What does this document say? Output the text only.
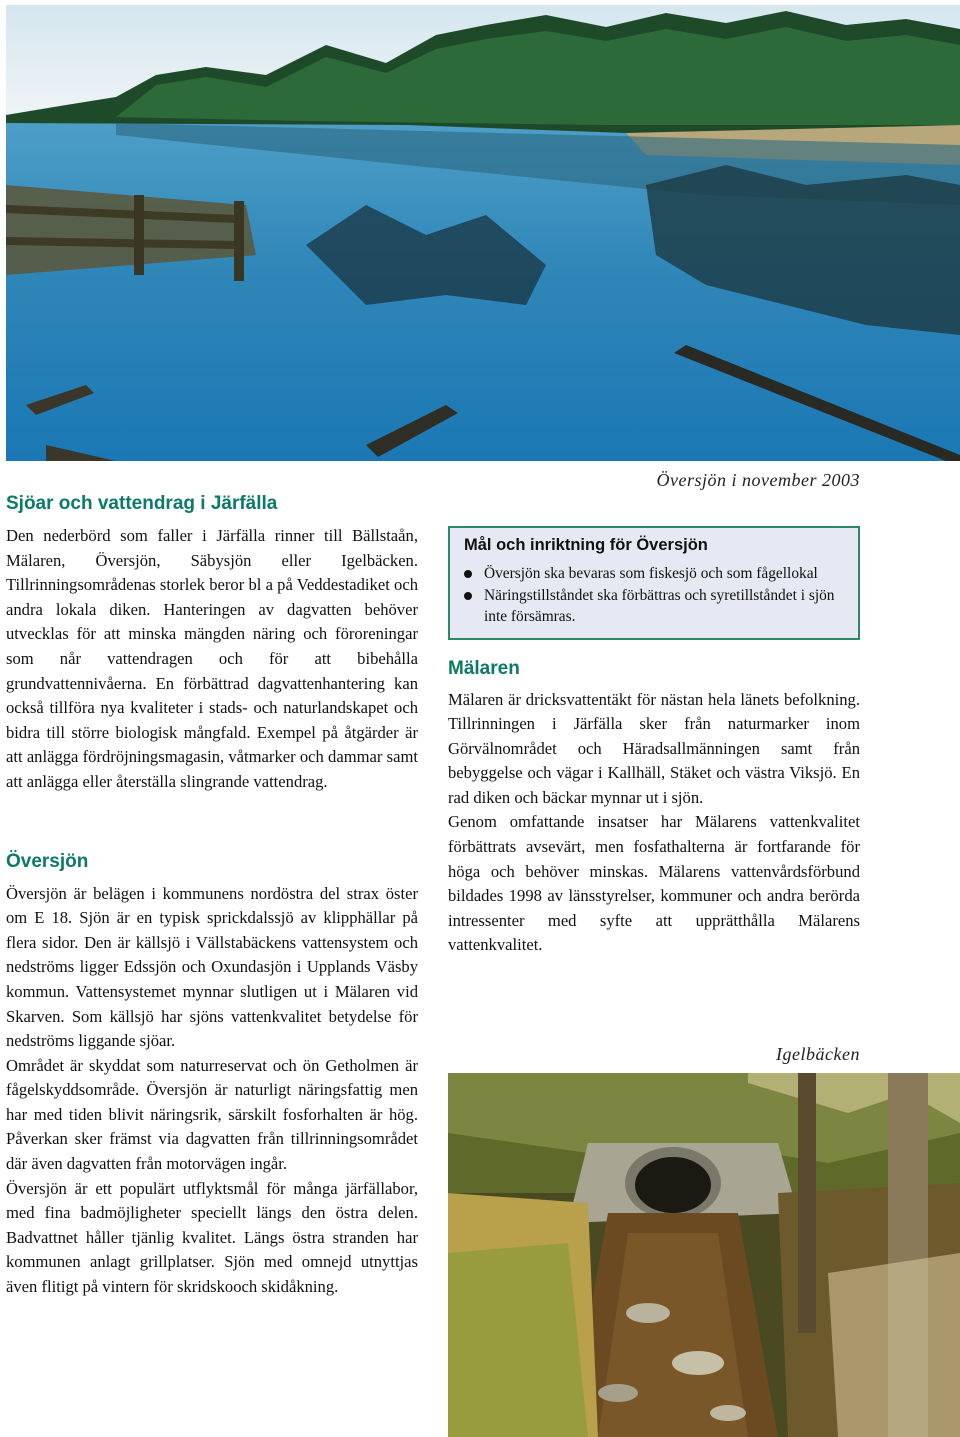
Översjön i november 2003
Sjöar och vattendrag i Järfälla

Den nederbörd som faller i Järfälla rinner till Bällstaån, Mälaren, Översjön, Säbysjön eller Igelbäcken. Tillrinningsområdenas storlek beror bl a på Veddestadiket och andra lokala diken. Hanteringen av dagvatten behöver utvecklas för att minska mängden näring och föroreningar som når vattendragen och för att bibehålla grundvattennivåerna. En förbättrad dagvattenhantering kan också tillföra nya kvaliteter i stads- och naturlandskapet och bidra till större biologisk mångfald. Exempel på åtgärder är att anlägga fördröjningsmagasin, våtmarker och dammar samt att anlägga eller återställa slingrande vattendrag.

Översjön

Översjön är belägen i kommunens nordöstra del strax öster om E 18. Sjön är en typisk sprickdalssjö av klipphällar på flera sidor. Den är källsjö i Vällstabäckens vattensystem och nedströms ligger Edssjön och Oxundasjön i Upplands Väsby kommun. Vattensystemet mynnar slutligen ut i Mälaren vid Skarven. Som källsjö har sjöns vattenkvalitet betydelse för nedströms liggande sjöar.

Området är skyddat som naturreservat och ön Getholmen är fågelskyddsområde. Översjön är naturligt näringsfattig men har med tiden blivit näringsrik, särskilt fosforhalten är hög. Påverkan sker främst via dagvatten från tillrinningsområdet där även dagvatten från motorvägen ingår.

Översjön är ett populärt utflyktsmål för många järfällabor, med fina badmöjligheter speciellt längs den östra delen. Badvattnet håller tjänlig kvalitet. Längs östra stranden har kommunen anlagt grillplatser. Sjön med omnejd utnyttjas även flitigt på vintern för skridskooch skidåkning.

Mål och inriktning för Översjön

Översjön ska bevaras som fiskesjö och som fågellokal
Näringstillståndet ska förbättras och syretillståndet i sjön inte försämras.
Mälaren

Mälaren är dricksvattentäkt för nästan hela länets befolkning. Tillrinningen i Järfälla sker från naturmarker inom Görvälnområdet och Häradsallmänningen samt från bebyggelse och vägar i Kallhäll, Stäket och västra Viksjö. En rad diken och bäckar mynnar ut i sjön.

Genom omfattande insatser har Mälarens vattenkvalitet förbättrats avsevärt, men fosfathalterna är fortfarande för höga och behöver minskas. Mälarens vattenvårdsförbund bildades 1998 av länsstyrelser, kommuner och andra berörda intressenter med syfte att upprätthålla Mälarens vattenkvalitet.

Igelbäcken
